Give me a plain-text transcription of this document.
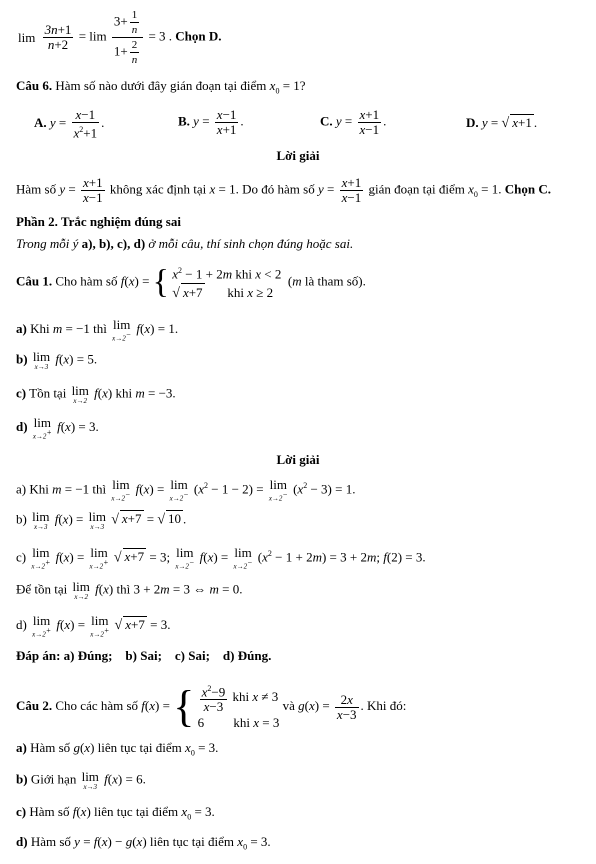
$\lim \frac{3n+1}{n+2} = \lim \frac{3+ \frac{1}{n}}{1+ \frac{2}{n}} = 3$ . Chọn D.
Câu 6. Hàm số nào dưới đây gián đoạn tại điểm $x_0 = 1$?
A. $y = \frac{x-1}{x^2+1}$ .	B. $y = \frac{x-1}{x+1}$ .	C. $y = \frac{x+1}{x-1}$ .	D. y = √ x+1 .
Lời giải
Hàm số $y = \frac{x+1}{x-1}$ không xác định tại x = 1. Do đó hàm số $y = \frac{x+1}{x-1}$ gián đoạn tại điểm $x_0 = 1$. Chọn C.
Phần 2. Trắc nghiệm đúng sai
Trong mỗi ý a), b), c), d) ở mỗi câu, thí sinh chọn đúng hoặc sai.
Câu 1. Cho hàm số f(x) = { $x^2 - 1 + 2m$ khi x < 2
√ x+7 khi x ≥ 2
(m là tham số).
a) Khi m = −1 thì lim
x→2− f(x) = 1.
b) lim
x→3
f(x) = 5.
c) Tồn tại lim
x→2
f(x) khi m = −3.
d) lim
x→2+ f(x) = 3.
Lời giải
a) Khi m = −1 thì lim
x→2− f(x) = lim
x→2− $(x^2 - 1 - 2) = \lim$
x→2− $(x^2 - 3) = 1$.
b) lim
x→3
f(x) = lim
x→3 √ x+7 = √ 10 .
c) lim
x→2+ f(x) = lim
x→2+ √ x+7 = 3; lim
x→2− f(x) = lim
x→2− $(x^2 - 1 + 2m) = 3 + 2m$; f(2) = 3.
Để tồn tại lim
x→2
f(x) thì 3 + 2m = 3 ⇔ m = 0.
d) lim
x→2+ f(x) = lim
x→2+ √ x+7 = 3.
Đáp án: a) Đúng;    b) Sai;    c) Sai;    d) Đúng.
Câu 2. Cho các hàm số f(x) = { $\frac{x^2-9}{x-3}$ khi x ≠ 3
6         khi x = 3
và $g(x) = \frac{2x}{x-3}$ . Khi đó:
a) Hàm số g(x) liên tục tại điểm $x_0 = 3$.
b) Giới hạn lim
x→3
f(x) = 6.
c) Hàm số f(x) liên tục tại điểm $x_0 = 3$.
d) Hàm số y = f(x) − g(x) liên tục tại điểm $x_0 = 3$.
